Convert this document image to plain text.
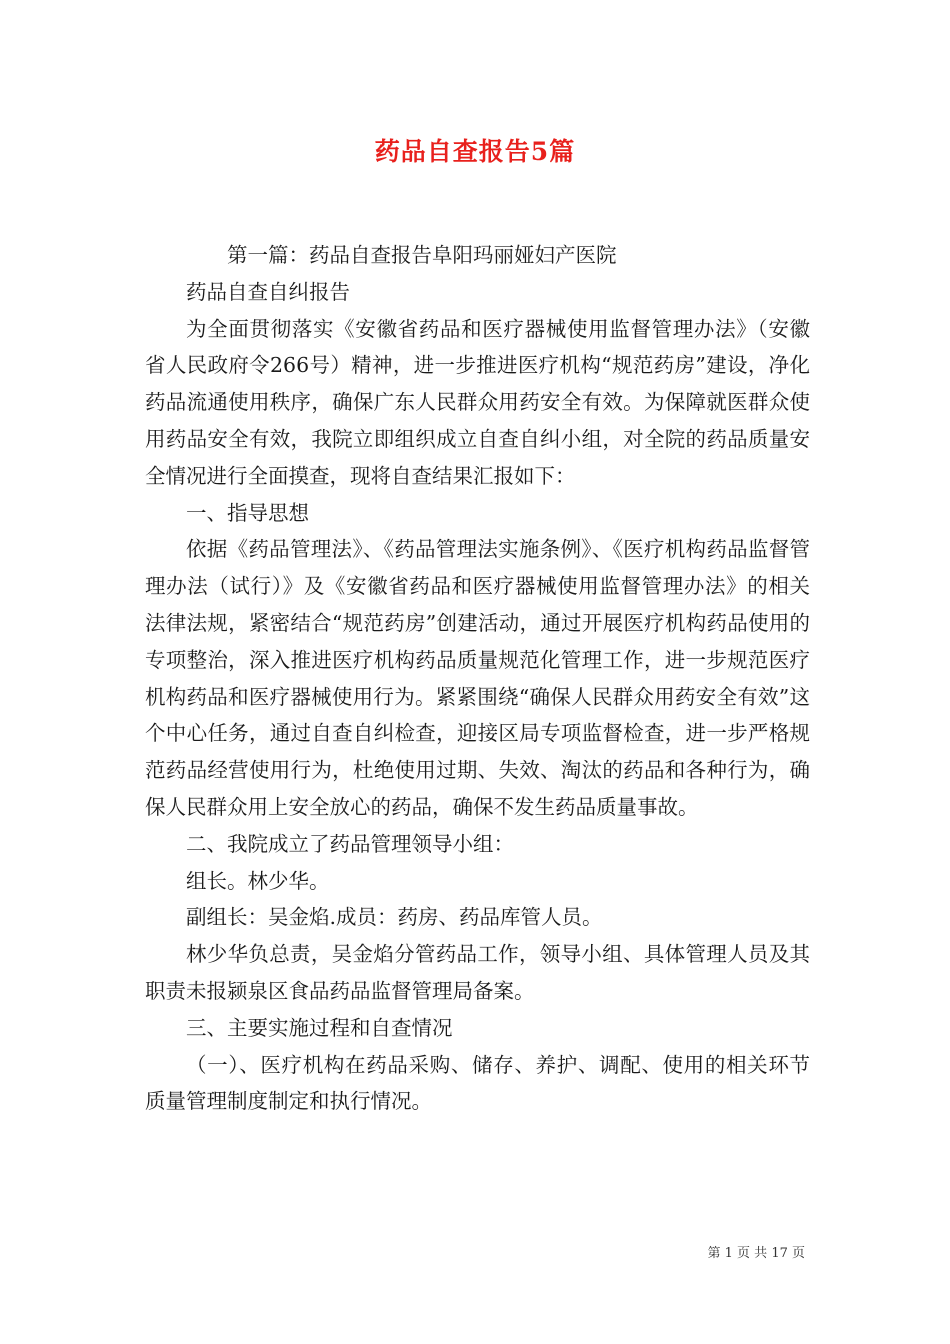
药品自查报告5篇

第一篇：药品自查报告阜阳玛丽娅妇产医院

药品自查自纠报告

为全面贯彻落实《安徽省药品和医疗器械使用监督管理办法》（安徽省人民政府令266号）精神，进一步推进医疗机构“规范药房”建设，净化药品流通使用秩序，确保广东人民群众用药安全有效。为保障就医群众使用药品安全有效，我院立即组织成立自查自纠小组，对全院的药品质量安全情况进行全面摸查，现将自查结果汇报如下：

一、指导思想

依据《药品管理法》、《药品管理法实施条例》、《医疗机构药品监督管理办法（试行）》及《安徽省药品和医疗器械使用监督管理办法》的相关法律法规，紧密结合“规范药房”创建活动，通过开展医疗机构药品使用的专项整治，深入推进医疗机构药品质量规范化管理工作，进一步规范医疗机构药品和医疗器械使用行为。紧紧围绕“确保人民群众用药安全有效”这个中心任务，通过自查自纠检查，迎接区局专项监督检查，进一步严格规范药品经营使用行为，杜绝使用过期、失效、淘汰的药品和各种行为，确保人民群众用上安全放心的药品，确保不发生药品质量事故。

二、我院成立了药品管理领导小组：

组长。林少华。

副组长：吴金焰.成员：药房、药品库管人员。

林少华负总责，吴金焰分管药品工作，领导小组、具体管理人员及其职责未报颍泉区食品药品监督管理局备案。

三、主要实施过程和自查情况

（一）、医疗机构在药品采购、储存、养护、调配、使用的相关环节质量管理制度制定和执行情况。

第 1 页 共 17 页
